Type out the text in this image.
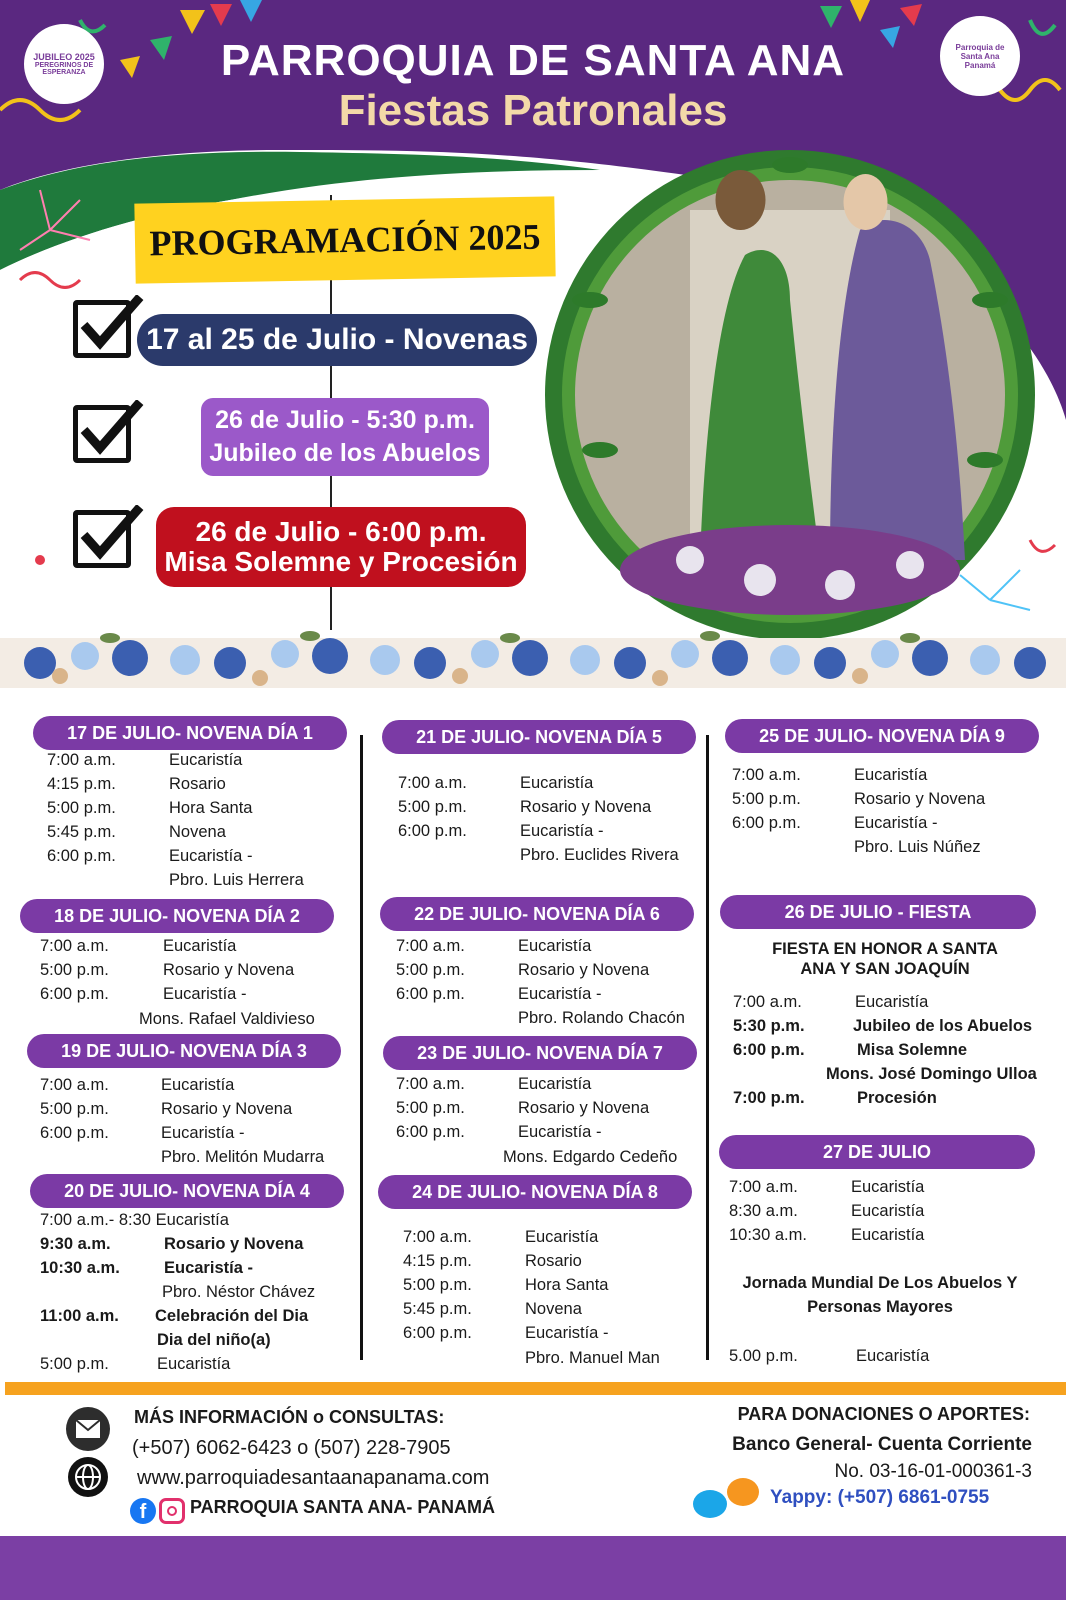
JUBILEO 2025
PEREGRINOS DE ESPERANZA
Parroquia de Santa Ana Panamá
PARROQUIA DE SANTA ANA
Fiestas Patronales
PROGRAMACIÓN 2025
17 al 25 de Julio - Novenas
26 de Julio - 5:30 p.m.
Jubileo de los Abuelos
26 de Julio - 6:00 p.m.
Misa Solemne y Procesión
17 DE JULIO- NOVENA DÍA 1
7:00 a.m.	Eucaristía
4:15 p.m.	Rosario
5:00 p.m.	Hora Santa
5:45 p.m.	Novena
6:00 p.m.	Eucaristía -
Pbro. Luis Herrera
18 DE JULIO- NOVENA DÍA 2
7:00 a.m.	Eucaristía
5:00 p.m.	Rosario y Novena
6:00 p.m.	Eucaristía -
Mons. Rafael Valdivieso
19 DE JULIO- NOVENA DÍA 3
7:00 a.m.	Eucaristía
5:00 p.m.	Rosario y Novena
6:00 p.m.	Eucaristía -
Pbro. Melitón Mudarra
20 DE JULIO- NOVENA DÍA 4
7:00 a.m.- 8:30 Eucaristía
9:30 a.m.	Rosario y Novena
10:30 a.m.	Eucaristía -
Pbro. Néstor Chávez
11:00 a.m. Celebración del Dia
Dia del niño(a)
5:00 p.m.	Eucaristía
21 DE JULIO- NOVENA DÍA 5
7:00 a.m.	Eucaristía
5:00 p.m.	Rosario y Novena
6:00 p.m.	Eucaristía -
Pbro. Euclides Rivera
22 DE JULIO- NOVENA DÍA 6
7:00 a.m.	Eucaristía
5:00 p.m.	Rosario y Novena
6:00 p.m.	Eucaristía -
Pbro. Rolando Chacón
23 DE JULIO- NOVENA DÍA 7
7:00 a.m.	Eucaristía
5:00 p.m.	Rosario y Novena
6:00 p.m.	Eucaristía -
Mons. Edgardo Cedeño
24 DE JULIO- NOVENA DÍA 8
7:00 a.m.	Eucaristía
4:15 p.m.	Rosario
5:00 p.m.	Hora Santa
5:45 p.m.	Novena
6:00 p.m.	Eucaristía -
Pbro. Manuel Man
25 DE JULIO- NOVENA DÍA 9
7:00 a.m.	Eucaristía
5:00 p.m.	Rosario y Novena
6:00 p.m.	Eucaristía -
Pbro. Luis Núñez
26 DE JULIO - FIESTA
FIESTA EN HONOR A SANTA
ANA Y SAN JOAQUÍN
7:00 a.m.	Eucaristía
5:30 p.m.	Jubileo de los Abuelos
6:00 p.m.	Misa Solemne
Mons. José Domingo Ulloa
7:00 p.m.	Procesión
27 DE JULIO
7:00 a.m.	Eucaristía
8:30 a.m.	Eucaristía
10:30 a.m.	Eucaristía
Jornada Mundial De Los Abuelos Y
Personas Mayores
5.00 p.m.	Eucaristía
MÁS INFORMACIÓN o CONSULTAS:
(+507) 6062-6423 o (507) 228-7905
www.parroquiadesantaanapanama.com
f	PARROQUIA SANTA ANA- PANAMÁ
PARA DONACIONES O APORTES:
Banco General- Cuenta Corriente
No. 03-16-01-000361-3
Yappy: (+507) 6861-0755
